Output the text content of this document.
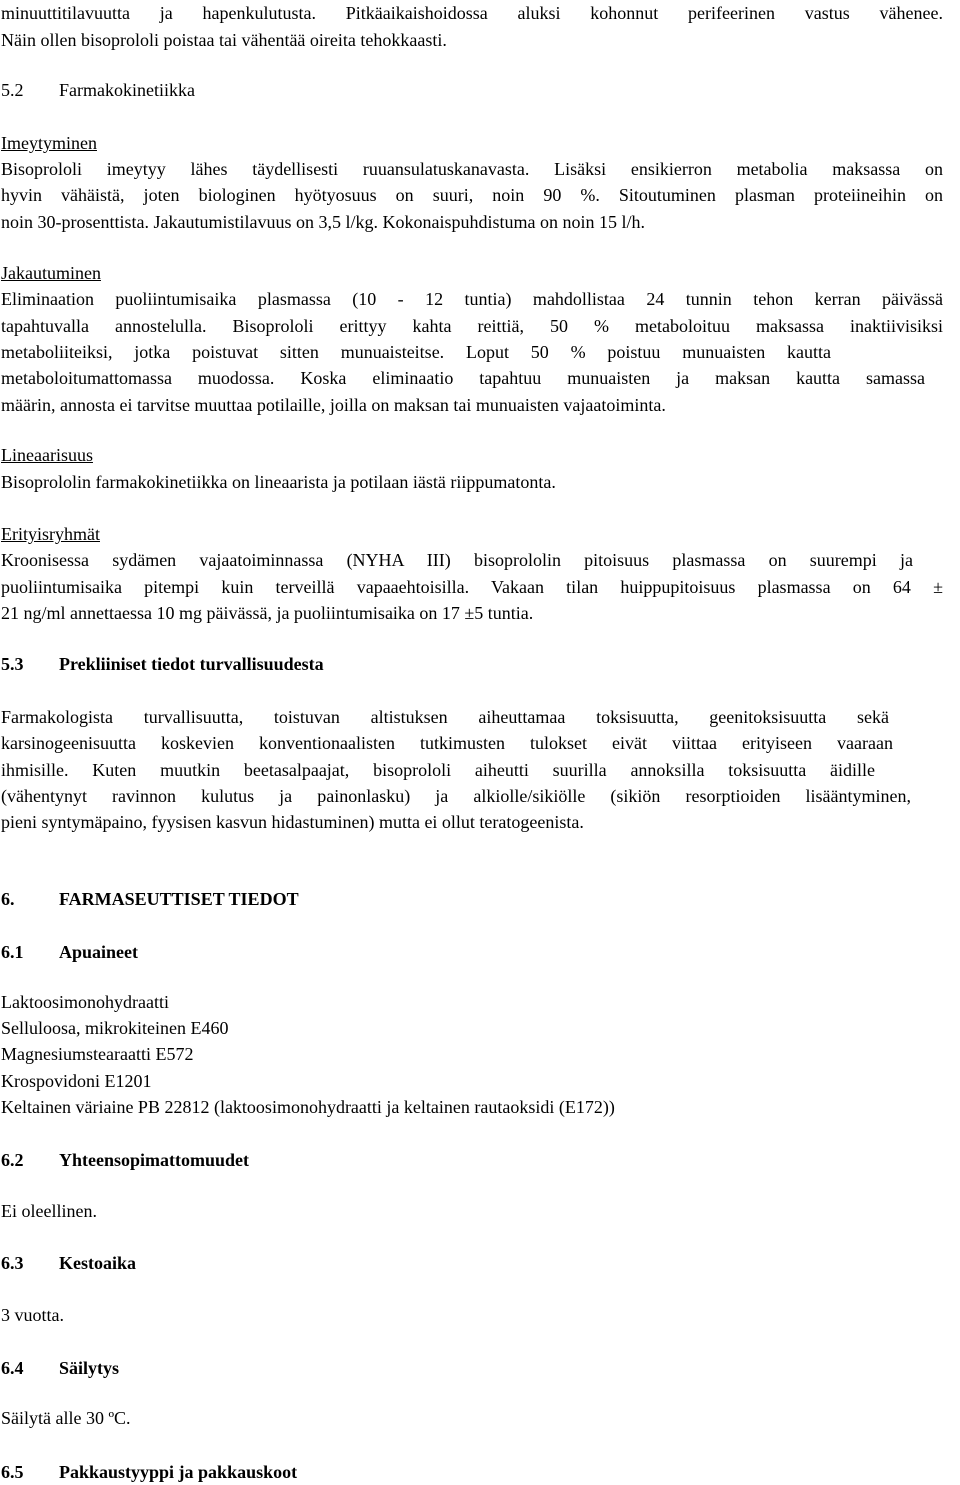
minuuttitilavuutta ja hapenkulutusta. Pitkäaikaishoidossa aluksi kohonnut perifeerinen vastus vähenee.

Näin ollen bisoprololi poistaa tai vähentää oireita tehokkaasti.

5.2 Farmakokinetiikka

Imeytyminen

Bisoprololi imeytyy lähes täydellisesti ruuansulatuskanavasta. Lisäksi ensikierron metabolia maksassa on

hyvin vähäistä, joten biologinen hyötyosuus on suuri, noin 90 %. Sitoutuminen plasman proteiineihin on

noin 30-prosenttista. Jakautumistilavuus on 3,5 l/kg. Kokonaispuhdistuma on noin 15 l/h.

Jakautuminen

Eliminaation puoliintumisaika plasmassa (10 - 12 tuntia) mahdollistaa 24 tunnin tehon kerran päivässä

tapahtuvalla annostelulla. Bisoprololi erittyy kahta reittiä, 50 % metaboloituu maksassa inaktiivisiksi

metaboliiteiksi, jotka poistuvat sitten munuaisteitse. Loput 50 % poistuu munuaisten kautta

metaboloitumattomassa muodossa. Koska eliminaatio tapahtuu munuaisten ja maksan kautta samassa

määrin, annosta ei tarvitse muuttaa potilaille, joilla on maksan tai munuaisten vajaatoiminta.

Lineaarisuus

Bisoprololin farmakokinetiikka on lineaarista ja potilaan iästä riippumatonta.

Erityisryhmät

Kroonisessa sydämen vajaatoiminnassa (NYHA III) bisoprololin pitoisuus plasmassa on suurempi ja

puoliintumisaika pitempi kuin terveillä vapaaehtoisilla. Vakaan tilan huippupitoisuus plasmassa on 64 ±

21 ng/ml annettaessa 10 mg päivässä, ja puoliintumisaika on 17 ±5 tuntia.

5.3 Prekliiniset tiedot turvallisuudesta

Farmakologista turvallisuutta, toistuvan altistuksen aiheuttamaa toksisuutta, geenitoksisuutta sekä

karsinogeenisuutta koskevien konventionaalisten tutkimusten tulokset eivät viittaa erityiseen vaaraan

ihmisille. Kuten muutkin beetasalpaajat, bisoprololi aiheutti suurilla annoksilla toksisuutta äidille

(vähentynyt ravinnon kulutus ja painonlasku) ja alkiolle/sikiölle (sikiön resorptioiden lisääntyminen,

pieni syntymäpaino, fyysisen kasvun hidastuminen) mutta ei ollut teratogeenista.

6. FARMASEUTTISET TIEDOT
6.1 Apuaineet

Laktoosimonohydraatti

Selluloosa, mikrokiteinen E460

Magnesiumstearaatti E572

Krospovidoni E1201

Keltainen väriaine PB 22812 (laktoosimonohydraatti ja keltainen rautaoksidi (E172))

6.2 Yhteensopimattomuudet

Ei oleellinen.

6.3 Kestoaika

3 vuotta.

6.4 Säilytys

Säilytä alle 30 ºC.

6.5 Pakkaustyyppi ja pakkauskoot
